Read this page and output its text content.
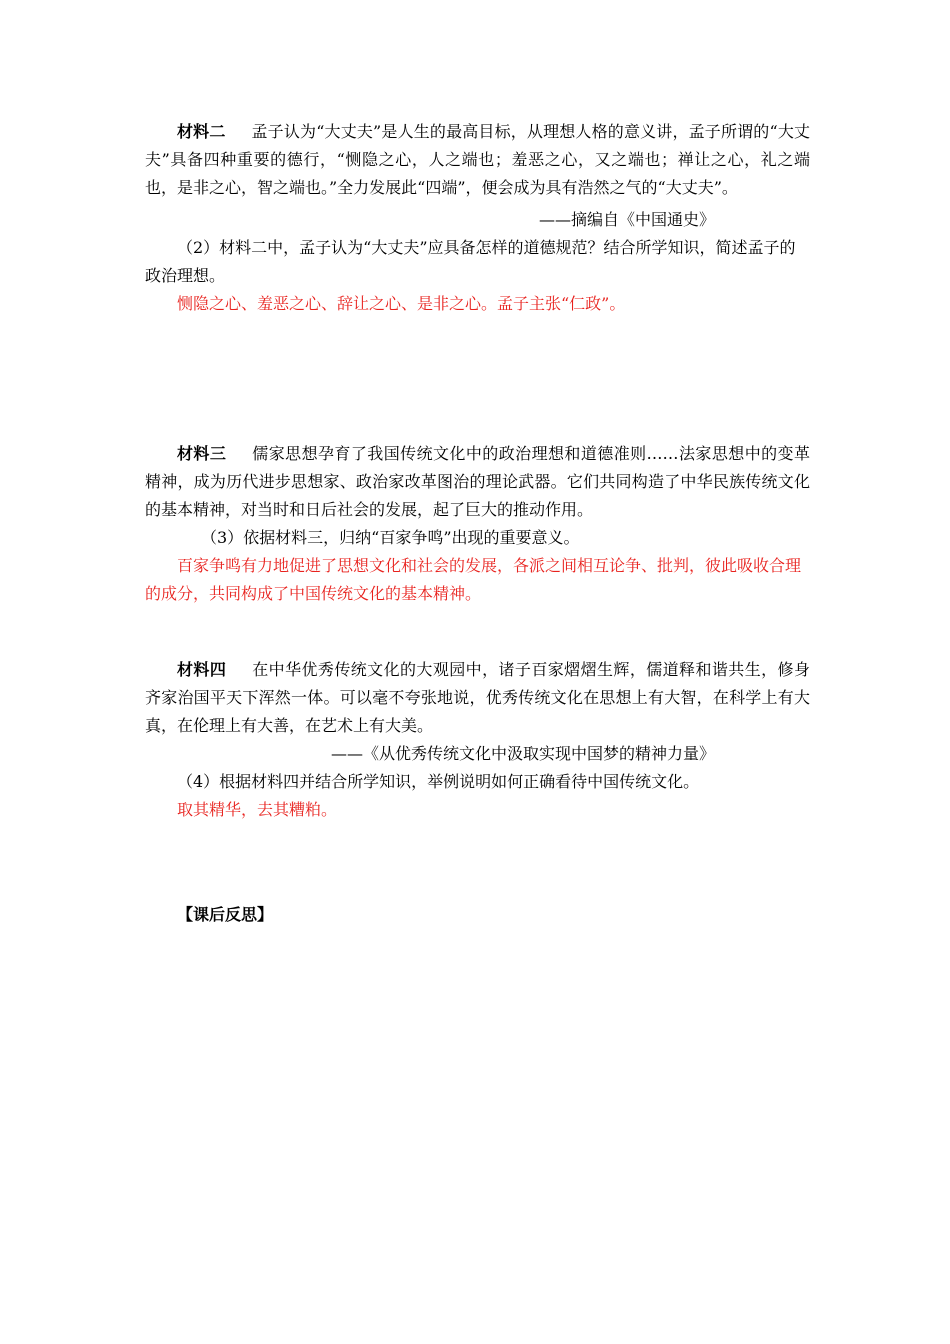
材料二 孟子认为“大丈夫”是人生的最高目标，从理想人格的意义讲，孟子所谓的“大丈夫”具备四种重要的德行，“恻隐之心，人之端也；羞恶之心，又之端也；禅让之心，礼之端也，是非之心，智之端也。”全力发展此“四端”，便会成为具有浩然之气的“大丈夫”。
——摘编自《中国通史》
（2）材料二中，孟子认为“大丈夫”应具备怎样的道德规范？结合所学知识，简述孟子的政治理想。
恻隐之心、羞恶之心、辞让之心、是非之心。孟子主张“仁政”。
材料三 儒家思想孕育了我国传统文化中的政治理想和道德准则……法家思想中的变革精神，成为历代进步思想家、政治家改革图治的理论武器。它们共同构造了中华民族传统文化的基本精神，对当时和日后社会的发展，起了巨大的推动作用。
（3）依据材料三，归纳“百家争鸣”出现的重要意义。
百家争鸣有力地促进了思想文化和社会的发展，各派之间相互论争、批判，彼此吸收合理的成分，共同构成了中国传统文化的基本精神。
材料四 在中华优秀传统文化的大观园中，诸子百家熠熠生辉，儒道释和谐共生，修身齐家治国平天下浑然一体。可以毫不夸张地说，优秀传统文化在思想上有大智，在科学上有大真，在伦理上有大善，在艺术上有大美。
——《从优秀传统文化中汲取实现中国梦的精神力量》
（4）根据材料四并结合所学知识，举例说明如何正确看待中国传统文化。
取其精华，去其糟粕。
【课后反思】
